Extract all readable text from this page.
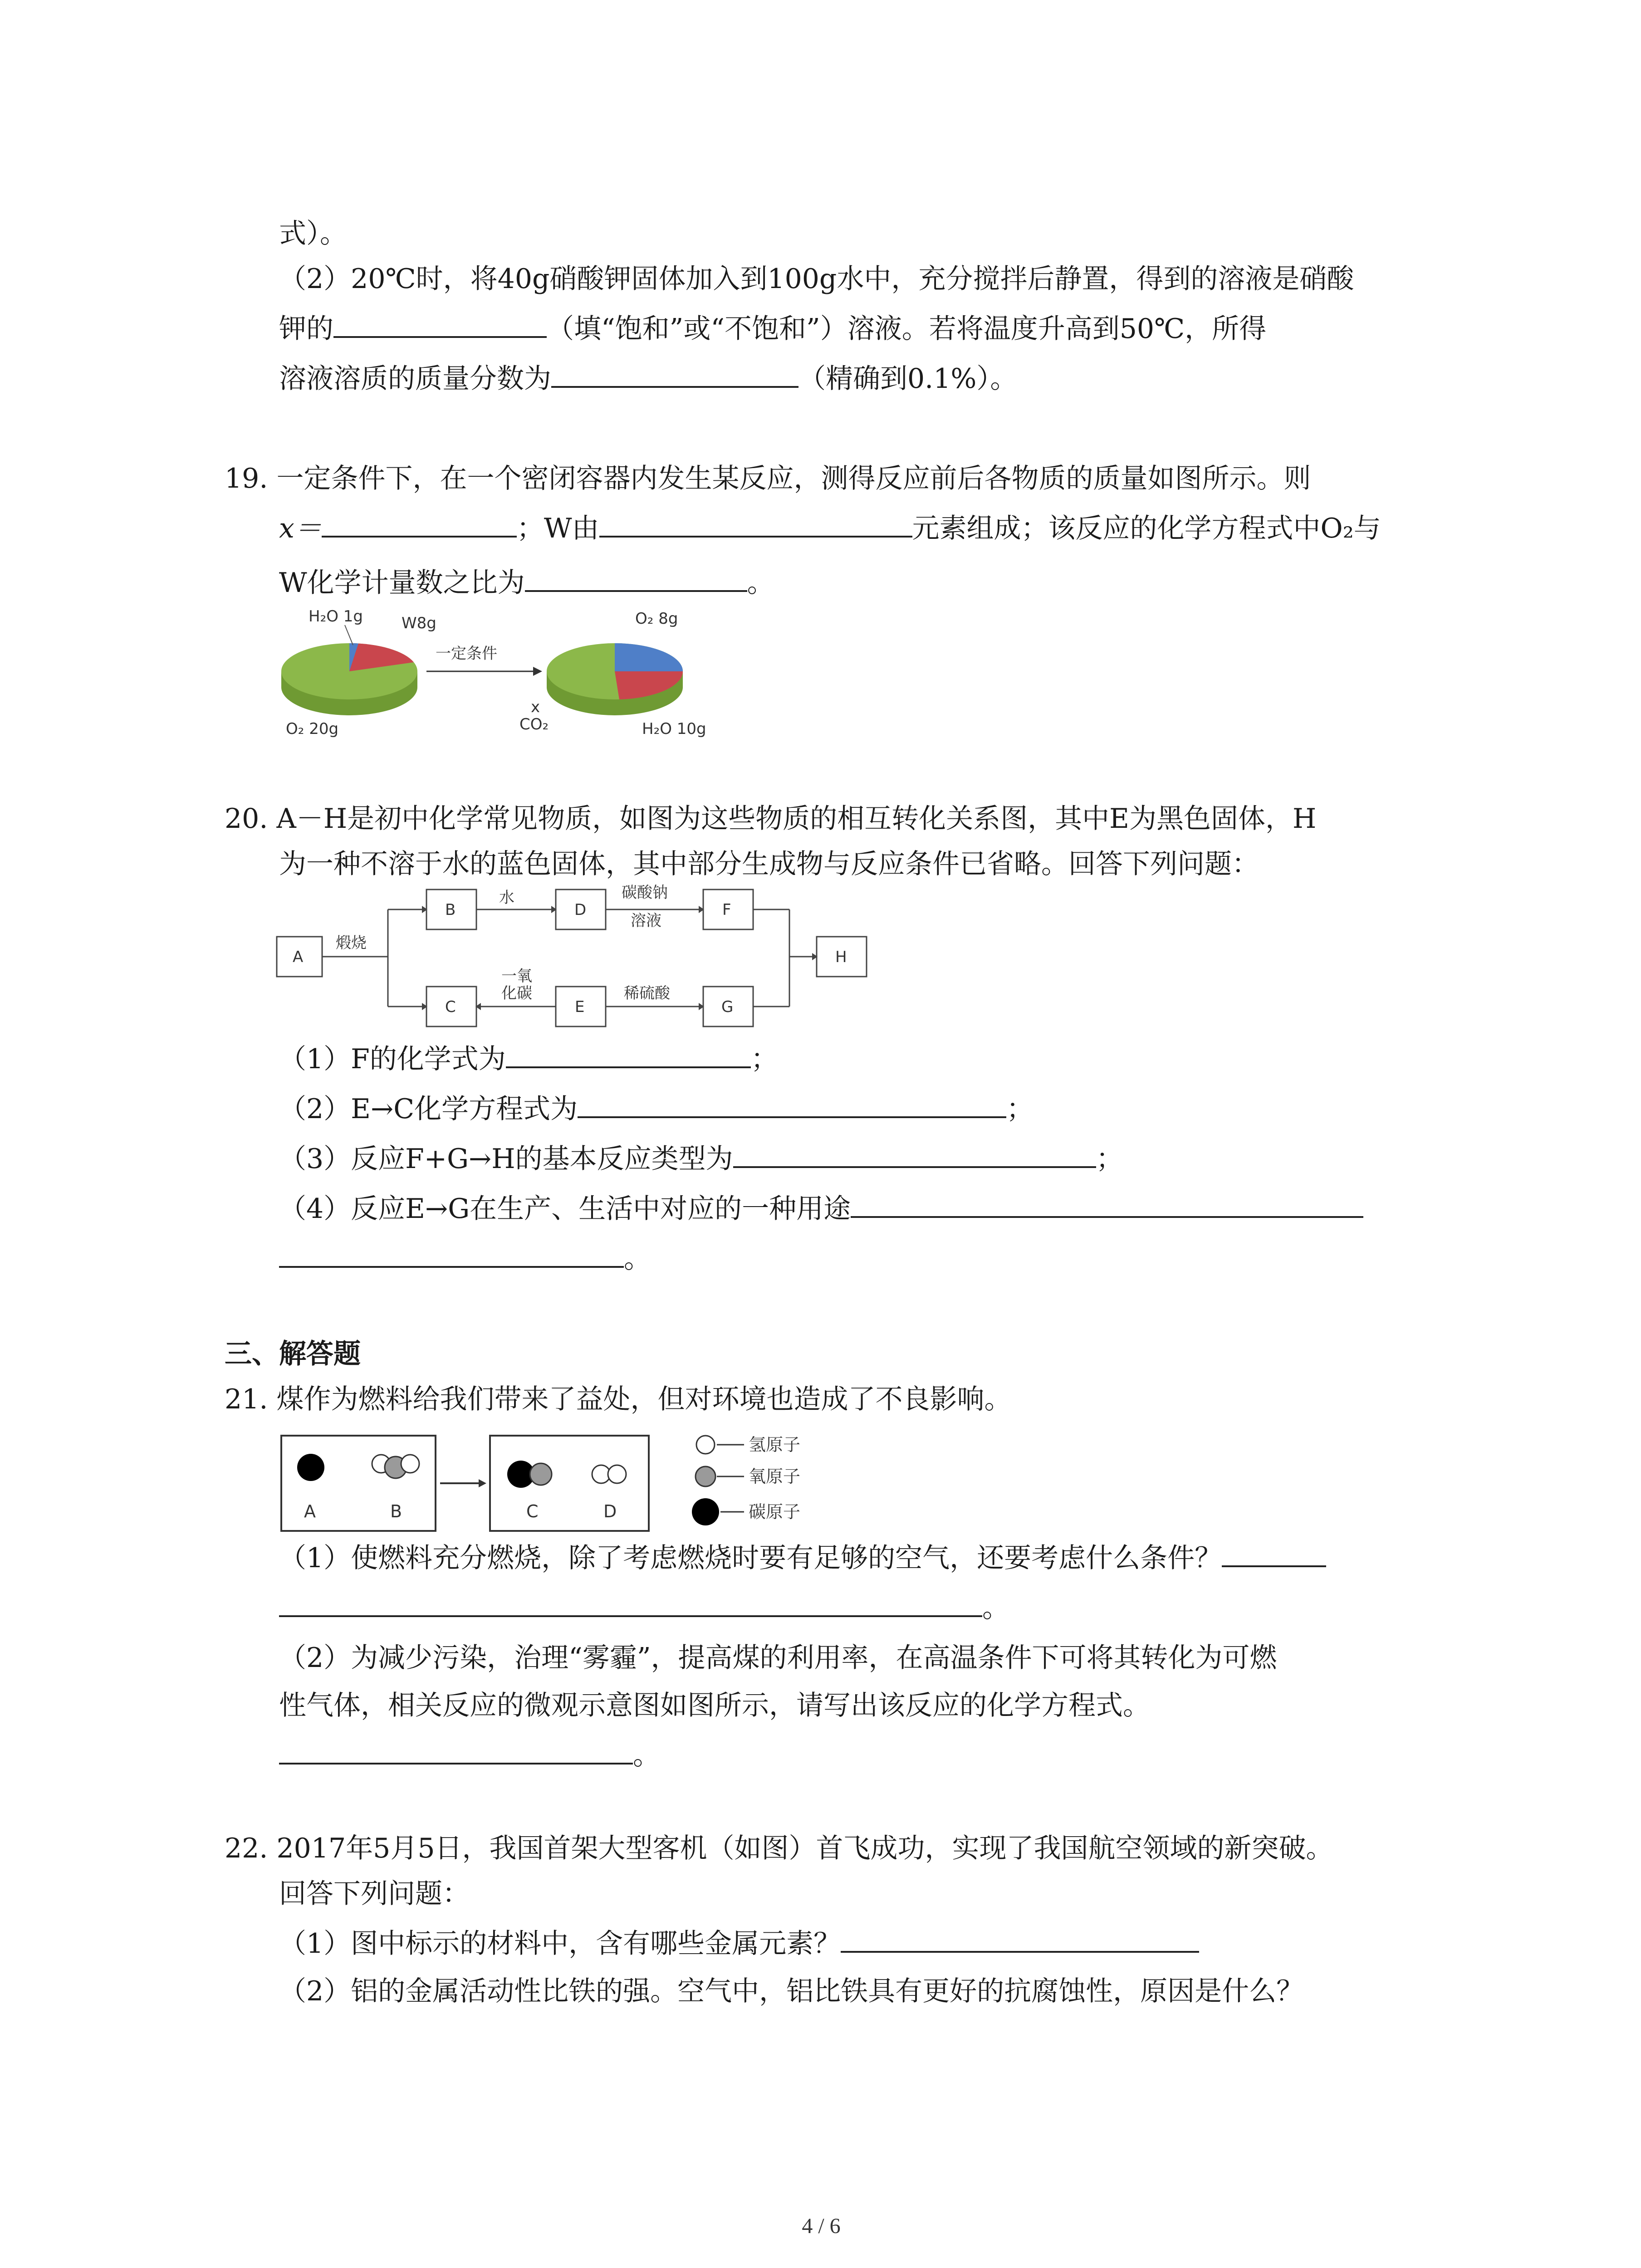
式）。
（2）20℃时，将40g硝酸钾固体加入到100g水中，充分搅拌后静置，得到的溶液是硝酸
钾的	（填“饱和”或“不饱和”）溶液。若将温度升高到50℃，所得
溶液溶质的质量分数为	（精确到0.1%）。
19. 一定条件下，在一个密闭容器内发生某反应，测得反应前后各物质的质量如图所示。则
x＝	；W由	元素组成；该反应的化学方程式中O₂与
W化学计量数之比为	。
H₂O 1g	W8g
O₂ 20g
一定条件
O₂ 8g
x
CO₂	H₂O 10g
20. A－H是初中化学常见物质，如图为这些物质的相互转化关系图，其中E为黑色固体，H
为一种不溶于水的蓝色固体，其中部分生成物与反应条件已省略。回答下列问题：
A
B	D	F
H
C	E	G
煅烧
水	碳酸钠
溶液
一氧
化碳	稀硫酸
（1）F的化学式为	；
（2）E→C化学方程式为	；
（3）反应F+G→H的基本反应类型为	；
（4）反应E→G在生产、生活中对应的一种用途
。
三、解答题
21. 煤作为燃料给我们带来了益处，但对环境也造成了不良影响。
A	B	C	D
氢原子
氧原子
碳原子
（1）使燃料充分燃烧，除了考虑燃烧时要有足够的空气，还要考虑什么条件？
。
（2）为减少污染，治理“雾霾”，提高煤的利用率，在高温条件下可将其转化为可燃
性气体，相关反应的微观示意图如图所示，请写出该反应的化学方程式。
。
22. 2017年5月5日，我国首架大型客机（如图）首飞成功，实现了我国航空领域的新突破。
回答下列问题：
（1）图中标示的材料中，含有哪些金属元素？
（2）铝的金属活动性比铁的强。空气中，铝比铁具有更好的抗腐蚀性，原因是什么？
4 / 6
